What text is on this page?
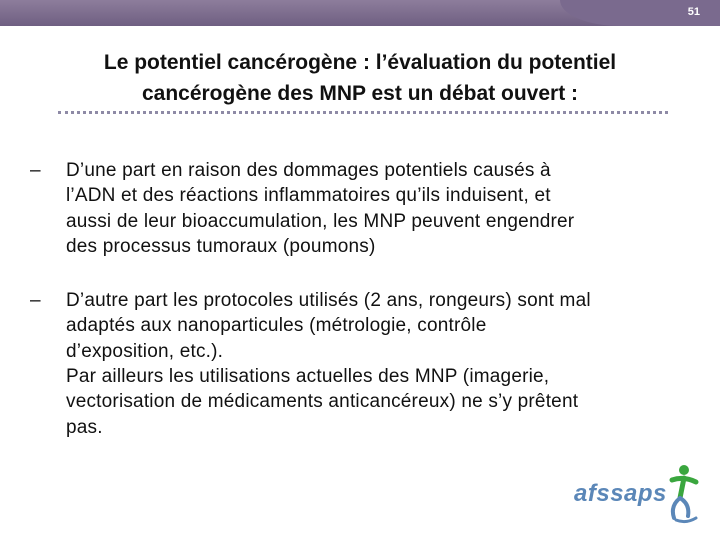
51
Le potentiel cancérogène : l’évaluation du potentiel
cancérogène des MNP est un débat ouvert :
– D’une part en raison des dommages potentiels causés à
l’ADN et des réactions inflammatoires qu’ils induisent, et
aussi de leur bioaccumulation, les MNP peuvent engendrer
des processus tumoraux (poumons)
– D’autre part les protocoles utilisés (2 ans, rongeurs) sont mal
adaptés aux nanoparticules (métrologie, contrôle
d’exposition, etc.).
Par ailleurs les utilisations actuelles des MNP (imagerie,
vectorisation de médicaments anticancéreux) ne s’y prêtent
pas.
afssaps
